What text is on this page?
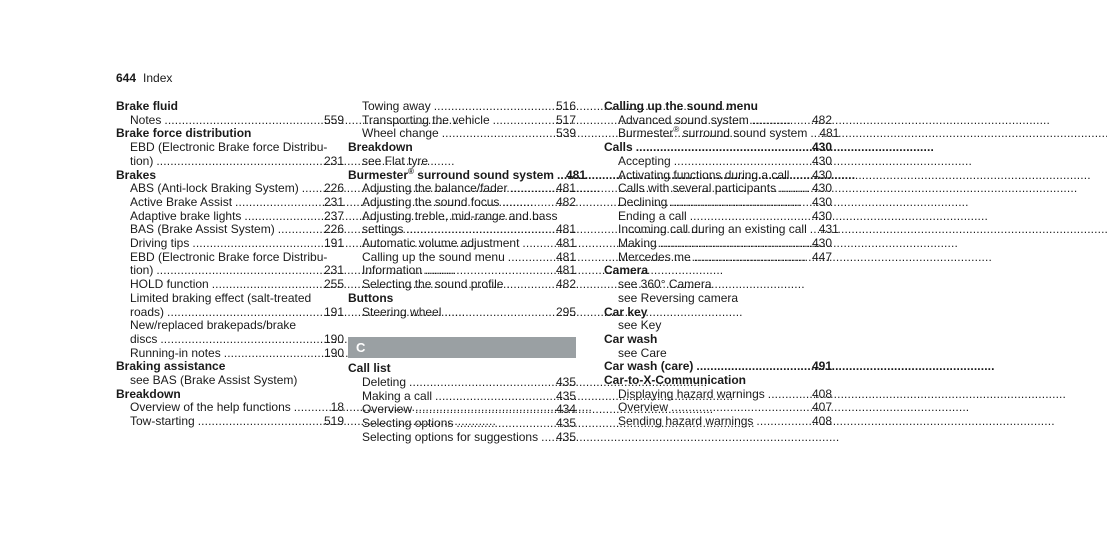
644 Index
Brake fluid
Notes . . .	559
Brake force distribution
EBD (Electronic Brake force Distribu-
tion) . . .	231
Brakes
ABS (Anti-lock Braking System) . . . 226
Active Brake Assist . . .	231
Adaptive brake lights . . .	237
BAS (Brake Assist System) . . .	226
Driving tips . . .	191
EBD (Electronic Brake force Distribu-
tion) . . .	231
HOLD function . . .	255
Limited braking effect (salt-treated
roads) . . .	191
New/replaced brakepads/brake
discs . . .	190
Running-in notes . . .	190
Braking assistance
see BAS (Brake Assist System)
Breakdown
Overview of the help functions . . .	18
Tow-starting . . .	519
Towing away . . .	516
Transporting the vehicle . . .	517
Wheel change . . .	539
Breakdown
see Flat tyre
Burmester® surround sound system . . . 481
Adjusting the balance/fader . . .	481
Adjusting the sound focus . . .	482
Adjusting treble, mid-range and bass
settings . . .	481
Automatic volume adjustment . . .	481
Calling up the sound menu . . .	481
Information . . .	481
Selecting the sound profile . . .	482
Buttons
Steering wheel . . .	295
C
Call list
Deleting . . .	435
Making a call . . .	435
Overview . . .	434
Selecting options . . .	435
Selecting options for suggestions . . . 435
Calling up the sound menu
Advanced sound system . . .	482
Burmester® surround sound system . . . 481
Calls . . .	430
Accepting . . .	430
Activating functions during a call . . . 430
Calls with several participants . . .	430
Declining . . .	430
Ending a call . . .	430
Incoming call during an existing call . . . 431
Making . . .	430
Mercedes me . . .	447
Camera
see 360° Camera
see Reversing camera
Car key
see Key
Car wash
see Care
Car wash (care) . . .	491
Car-to-X-Communication
Displaying hazard warnings . . .	408
Overview . . .	407
Sending hazard warnings . . .	408
